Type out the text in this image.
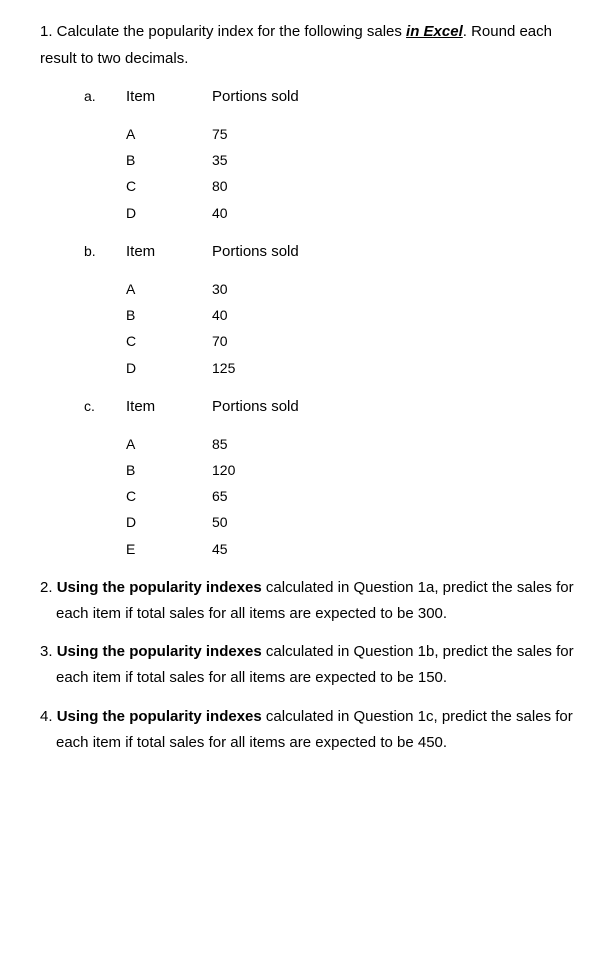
1. Calculate the popularity index for the following sales in Excel. Round each
result to two decimals.
a. Item	Portions sold
A	75
B	35
C	80
D	40
b. Item	Portions sold
A	30
B	40
C	70
D	125
c. Item	Portions sold
A	85
B	120
C	65
D	50
E	45
2. Using the popularity indexes calculated in Question 1a, predict the sales for
each item if total sales for all items are expected to be 300.
3. Using the popularity indexes calculated in Question 1b, predict the sales for
each item if total sales for all items are expected to be 150.
4. Using the popularity indexes calculated in Question 1c, predict the sales for
each item if total sales for all items are expected to be 450.
